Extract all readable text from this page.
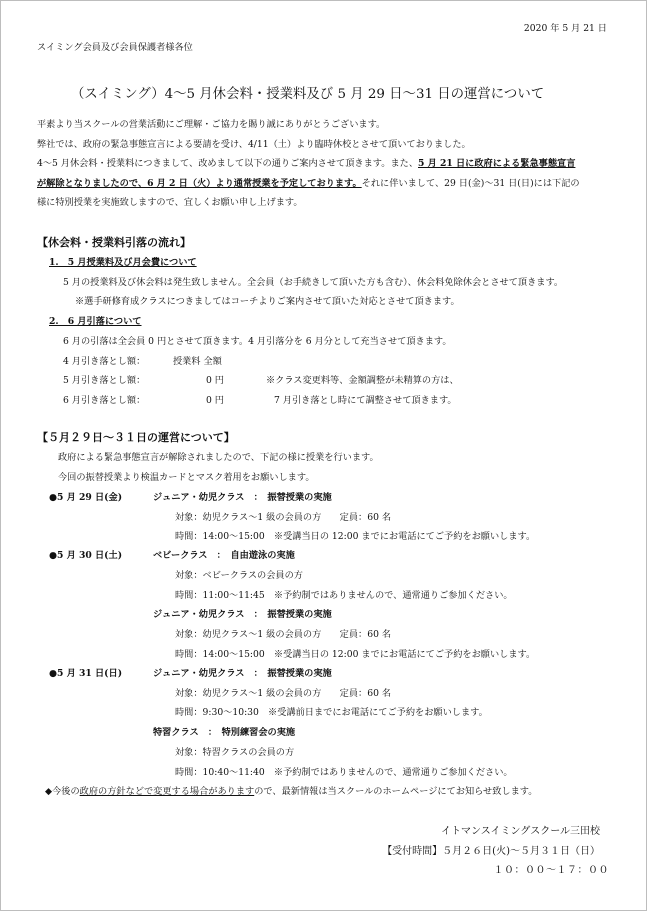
2020 年 5 月 21 日
スイミング会員及び会員保護者様各位
（スイミング）4～5 月休会料・授業料及び 5 月 29 日～31 日の運営について
平素より当スクールの営業活動にご理解・ご協力を賜り誠にありがとうございます。
弊社では、政府の緊急事態宣言による要請を受け、4/11（土）より臨時休校とさせて頂いておりました。
4～5 月休会料・授業料につきまして、改めまして以下の通りご案内させて頂きます。また、5 月 21 日に政府による緊急事態宣言
が解除となりましたので、6 月 2 日（火）より通常授業を予定しております。それに伴いまして、29 日(金)～31 日(日)には下記の
様に特別授業を実施致しますので、宜しくお願い申し上げます。
【休会料・授業料引落の流れ】
1.　5 月授業料及び月会費について
5 月の授業料及び休会料は発生致しません。全会員（お手続きして頂いた方も含む）、休会料免除休会とさせて頂きます。
※選手研修育成クラスにつきましてはコーチよりご案内させて頂いた対応とさせて頂きます。
2.　6 月引落について
6 月の引落は全会員 0 円とさせて頂きます。4 月引落分を 6 月分として充当させて頂きます。
4 月引き落とし額：	授業料 全額
5 月引き落とし額：	0 円	※クラス変更料等、金額調整が未精算の方は、
6 月引き落とし額：	0 円	7 月引き落とし時にて調整させて頂きます。
【５月２９日～３１日の運営について】
政府による緊急事態宣言が解除されましたので、下記の様に授業を行います。
今回の振替授業より検温カードとマスク着用をお願いします。
●5 月 29 日(金)	ジュニア・幼児クラス　：　振替授業の実施
対象：幼児クラス～1 級の会員の方　　定員：60 名
時間：14:00～15:00　※受講当日の 12:00 までにお電話にてご予約をお願いします。
●5 月 30 日(土)	ベビークラス　：　自由遊泳の実施
対象：ベビークラスの会員の方
時間：11:00～11:45　※予約制ではありませんので、通常通りご参加ください。
ジュニア・幼児クラス　：　振替授業の実施
対象：幼児クラス～1 級の会員の方　　定員：60 名
時間：14:00～15:00　※受講当日の 12:00 までにお電話にてご予約をお願いします。
●5 月 31 日(日)	ジュニア・幼児クラス　：　振替授業の実施
対象：幼児クラス～1 級の会員の方　　定員：60 名
時間：9:30～10:30　※受講前日までにお電話にてご予約をお願いします。
特習クラス　：　特別練習会の実施
対象：特習クラスの会員の方
時間：10:40～11:40　※予約制ではありませんので、通常通りご参加ください。
◆今後の政府の方針などで変更する場合がありますので、最新情報は当スクールのホームページにてお知らせ致します。
イトマンスイミングスクール三田校
【受付時間】５月２６日(火)～５月３１日（日）
１０：００～１７：００
